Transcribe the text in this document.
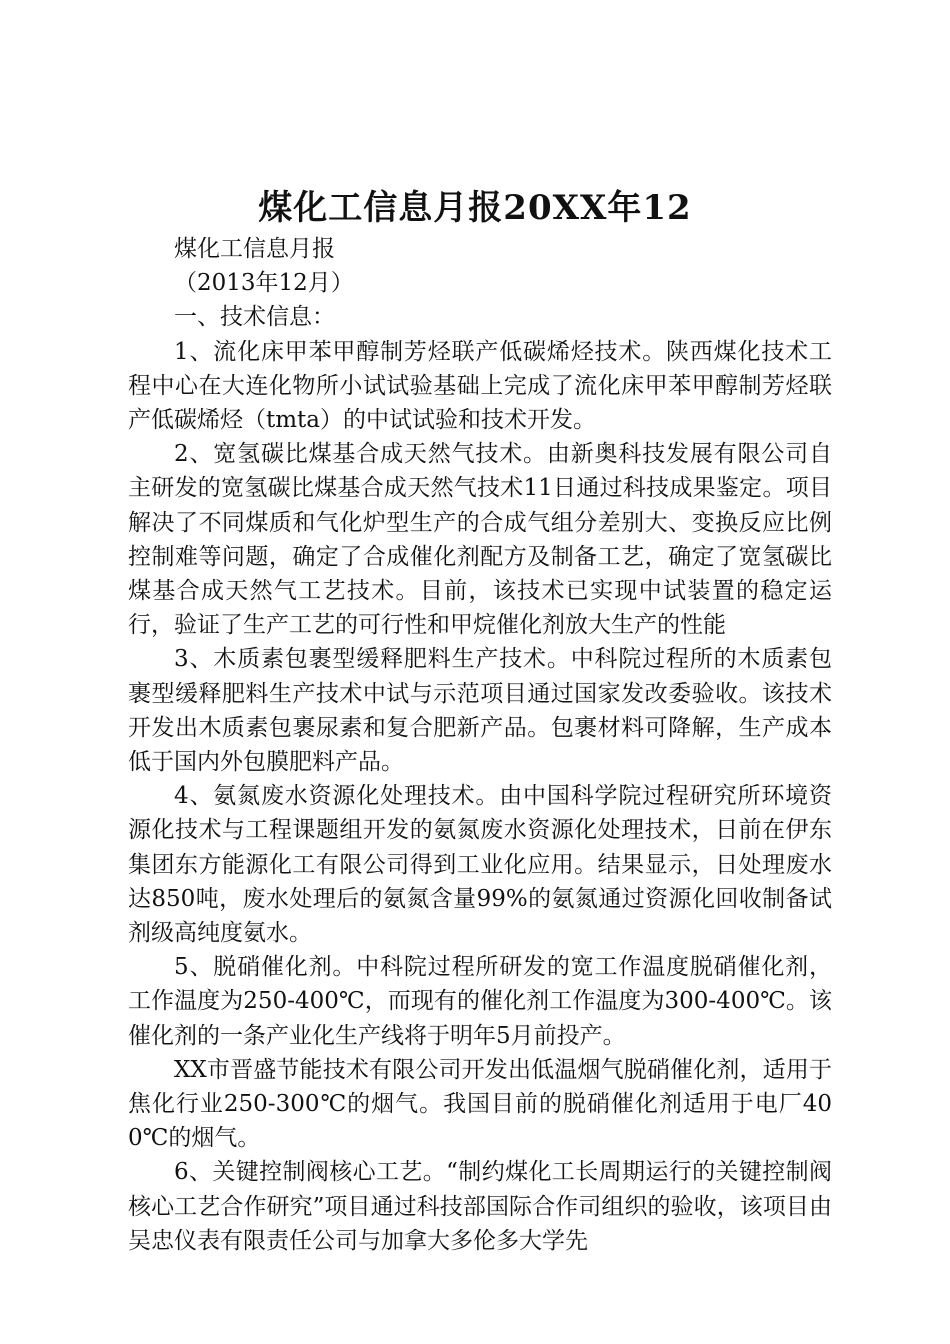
煤化工信息月报20XX年12

煤化工信息月报

（2013年12月）

一、技术信息：

1、流化床甲苯甲醇制芳烃联产低碳烯烃技术。陕西煤化技术工程中心在大连化物所小试试验基础上完成了流化床甲苯甲醇制芳烃联产低碳烯烃（tmta）的中试试验和技术开发。

2、宽氢碳比煤基合成天然气技术。由新奥科技发展有限公司自主研发的宽氢碳比煤基合成天然气技术11日通过科技成果鉴定。项目解决了不同煤质和气化炉型生产的合成气组分差别大、变换反应比例控制难等问题，确定了合成催化剂配方及制备工艺，确定了宽氢碳比煤基合成天然气工艺技术。目前，该技术已实现中试装置的稳定运行，验证了生产工艺的可行性和甲烷催化剂放大生产的性能

3、木质素包裹型缓释肥料生产技术。中科院过程所的木质素包裹型缓释肥料生产技术中试与示范项目通过国家发改委验收。该技术开发出木质素包裹尿素和复合肥新产品。包裹材料可降解，生产成本低于国内外包膜肥料产品。

4、氨氮废水资源化处理技术。由中国科学院过程研究所环境资源化技术与工程课题组开发的氨氮废水资源化处理技术，日前在伊东集团东方能源化工有限公司得到工业化应用。结果显示，日处理废水达850吨，废水处理后的氨氮含量99%的氨氮通过资源化回收制备试剂级高纯度氨水。

5、脱硝催化剂。中科院过程所研发的宽工作温度脱硝催化剂，工作温度为250-400℃，而现有的催化剂工作温度为300-400℃。该催化剂的一条产业化生产线将于明年5月前投产。

XX市晋盛节能技术有限公司开发出低温烟气脱硝催化剂，适用于焦化行业250-300℃的烟气。我国目前的脱硝催化剂适用于电厂400℃的烟气。

6、关键控制阀核心工艺。“制约煤化工长周期运行的关键控制阀核心工艺合作研究”项目通过科技部国际合作司组织的验收，该项目由吴忠仪表有限责任公司与加拿大多伦多大学先
